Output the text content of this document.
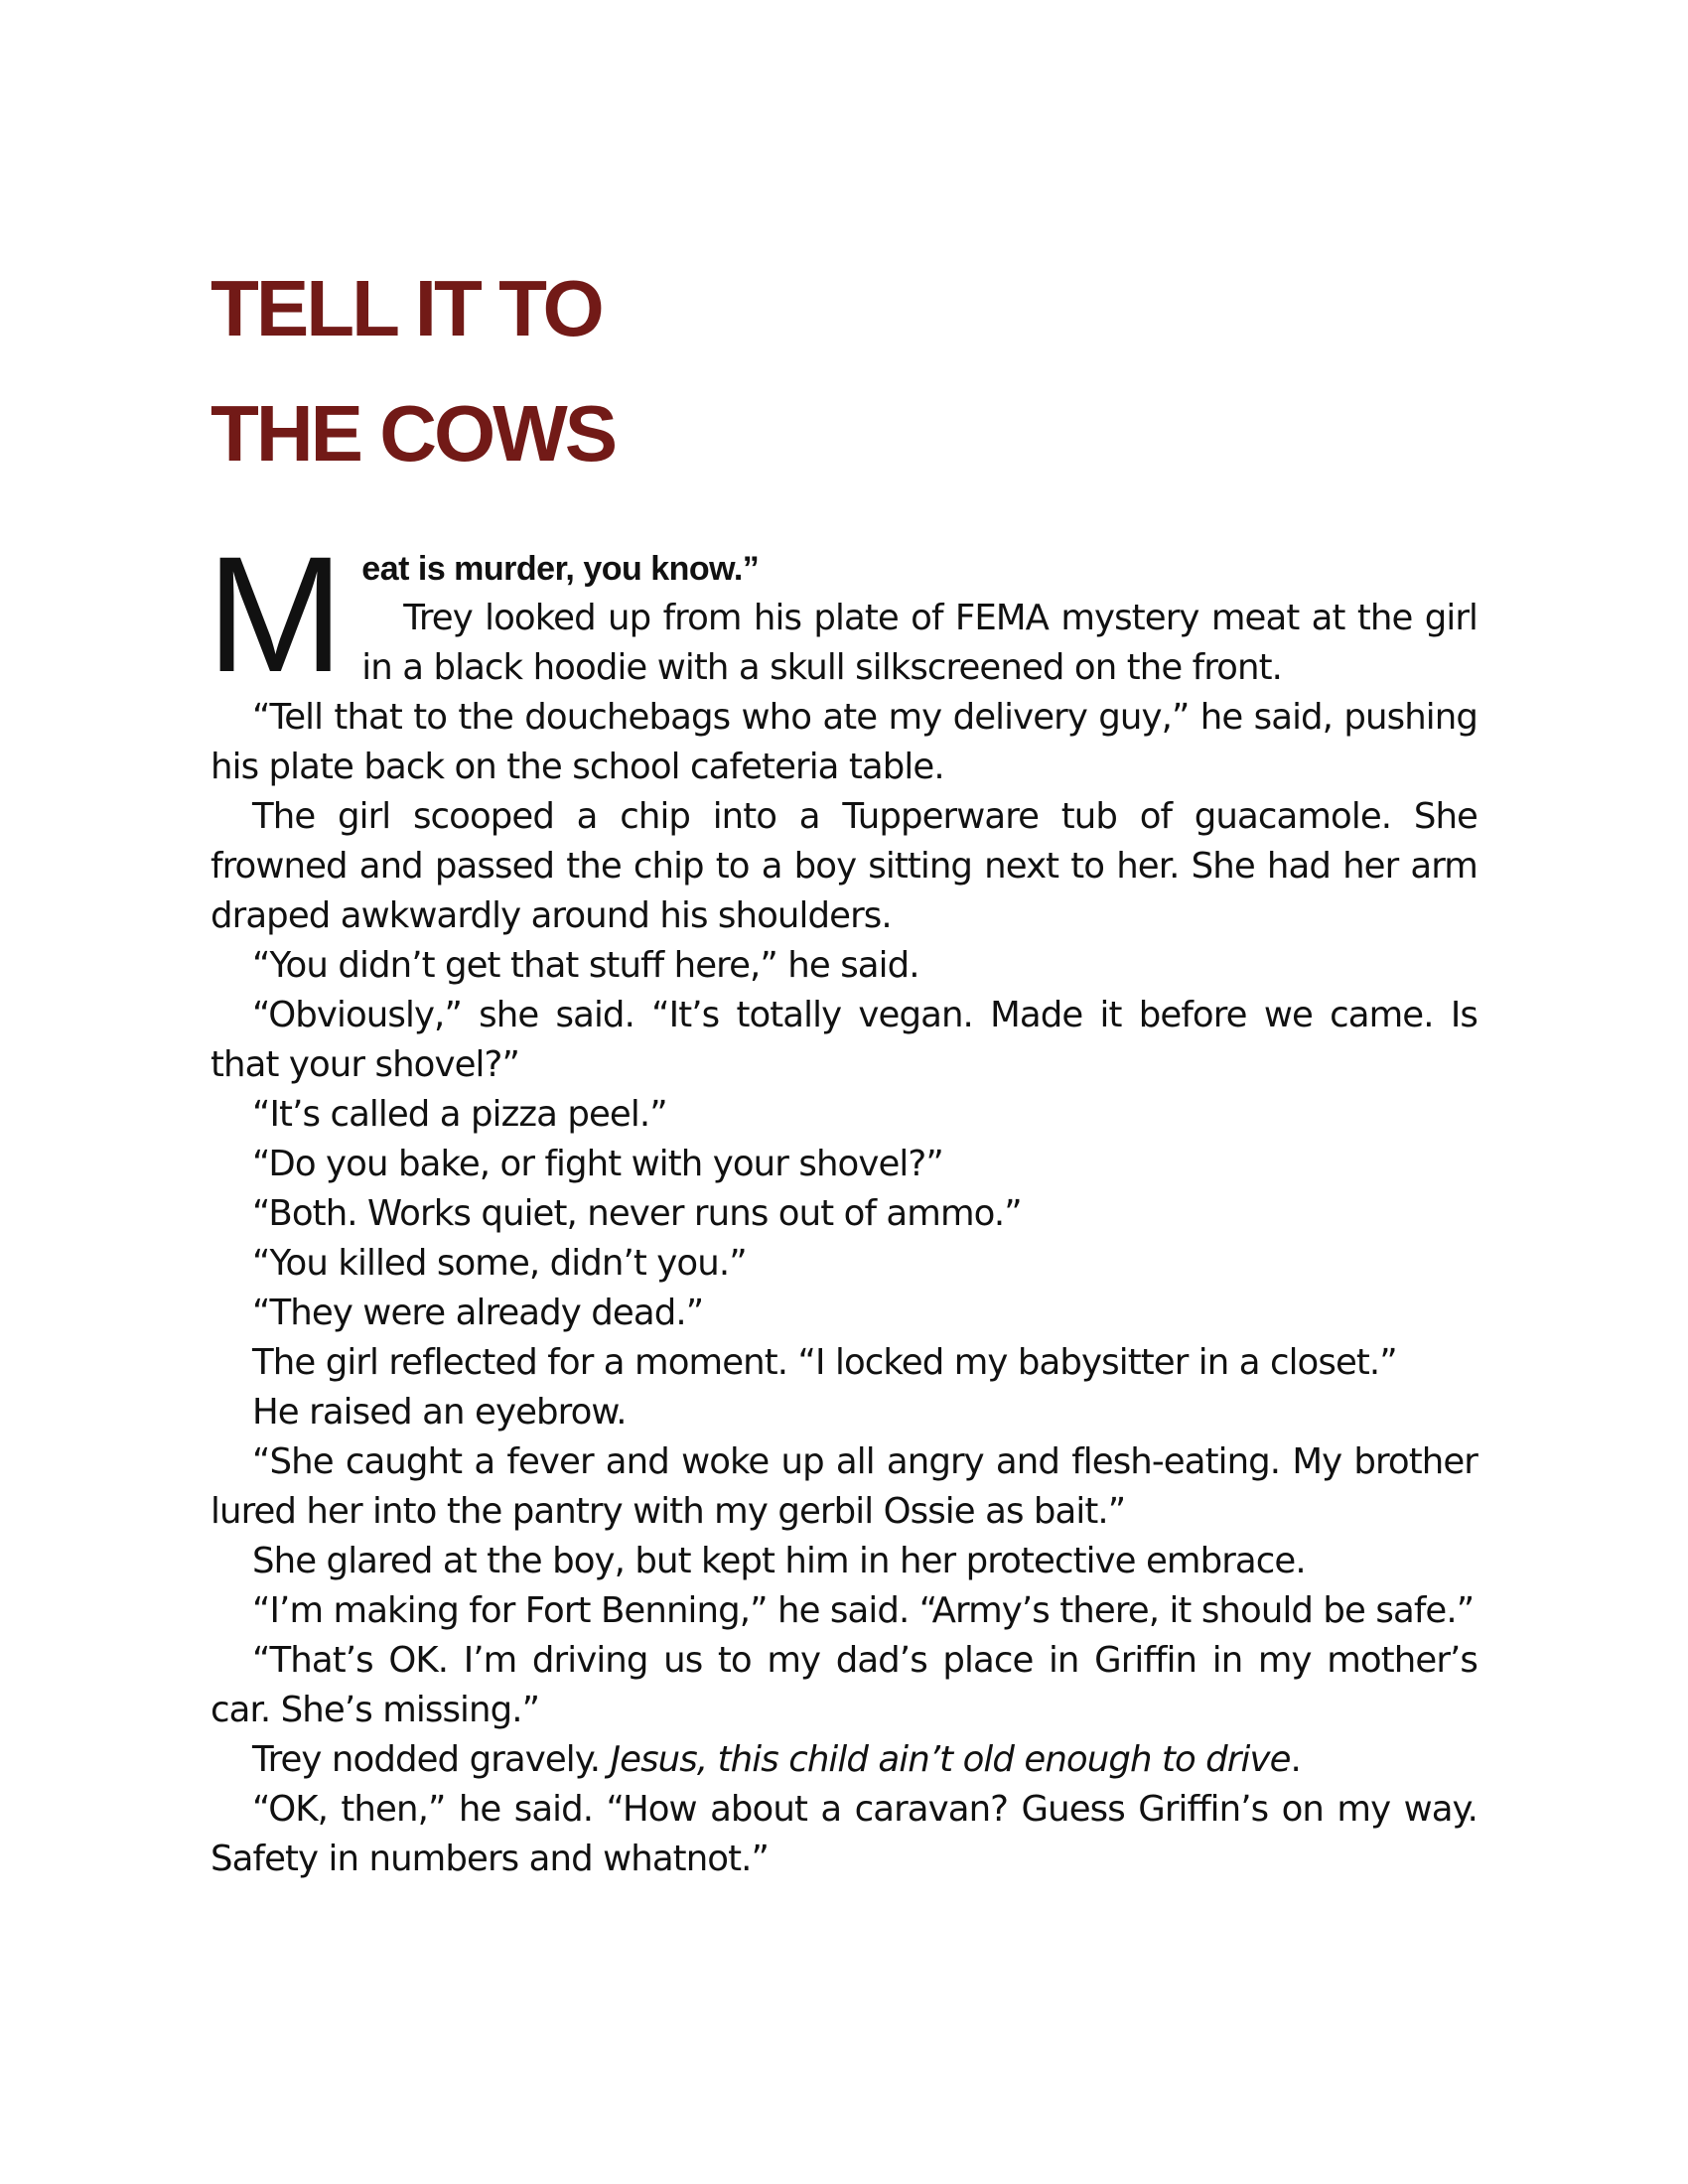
TELL IT TO
THE COWS
M eat is murder, you know.”

Trey looked up from his plate of FEMA mystery meat at the girl in a black hoodie with a skull silkscreened on the front.

“Tell that to the douchebags who ate my delivery guy,” he said, pushing his plate back on the school cafeteria table.

The girl scooped a chip into a Tupperware tub of guacamole. She frowned and passed the chip to a boy sitting next to her. She had her arm draped awkwardly around his shoulders.

“You didn’t get that stuff here,” he said.

“Obviously,” she said. “It’s totally vegan. Made it before we came. Is that your shovel?”

“It’s called a pizza peel.”

“Do you bake, or fight with your shovel?”

“Both. Works quiet, never runs out of ammo.”

“You killed some, didn’t you.”

“They were already dead.”

The girl reflected for a moment. “I locked my babysitter in a closet.”

He raised an eyebrow.

“She caught a fever and woke up all angry and flesh-eating. My brother lured her into the pantry with my gerbil Ossie as bait.”

She glared at the boy, but kept him in her protective embrace.

“I’m making for Fort Benning,” he said. “Army’s there, it should be safe.”

“That’s OK. I’m driving us to my dad’s place in Griffin in my mother’s car. She’s missing.”

Trey nodded gravely. Jesus, this child ain’t old enough to drive.

“OK, then,” he said. “How about a caravan? Guess Griffin’s on my way. Safety in numbers and whatnot.”
